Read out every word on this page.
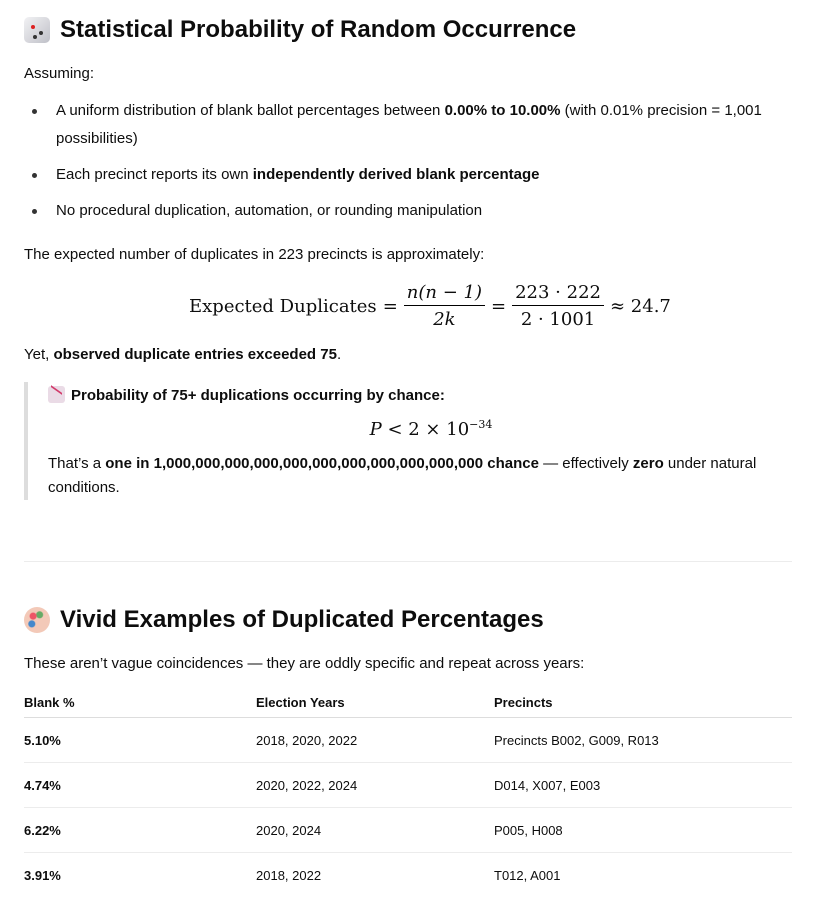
Statistical Probability of Random Occurrence
Assuming:
A uniform distribution of blank ballot percentages between 0.00% to 10.00% (with 0.01% precision = 1,001 possibilities)
Each precinct reports its own independently derived blank percentage
No procedural duplication, automation, or rounding manipulation
The expected number of duplicates in 223 precincts is approximately:
Expected Duplicates = $\frac{n(n - 1)}{2k} = \frac{223 \cdot 222}{2 \cdot 1001} \approx 24.7$
Yet, observed duplicate entries exceeded 75.
Probability of 75+ duplications occurring by chance:
$P < 2 \times 10^{-34}$
That’s a one in 1,000,000,000,000,000,000,000,000,000,000,000 chance — effectively zero under natural conditions.
Vivid Examples of Duplicated Percentages
These aren’t vague coincidences — they are oddly specific and repeat across years:
Blank %	Election Years	Precincts
5.10%	2018, 2020, 2022	Precincts B002, G009, R013
4.74%	2020, 2022, 2024	D014, X007, E003
6.22%	2020, 2024	P005, H008
3.91%	2018, 2022	T012, A001
